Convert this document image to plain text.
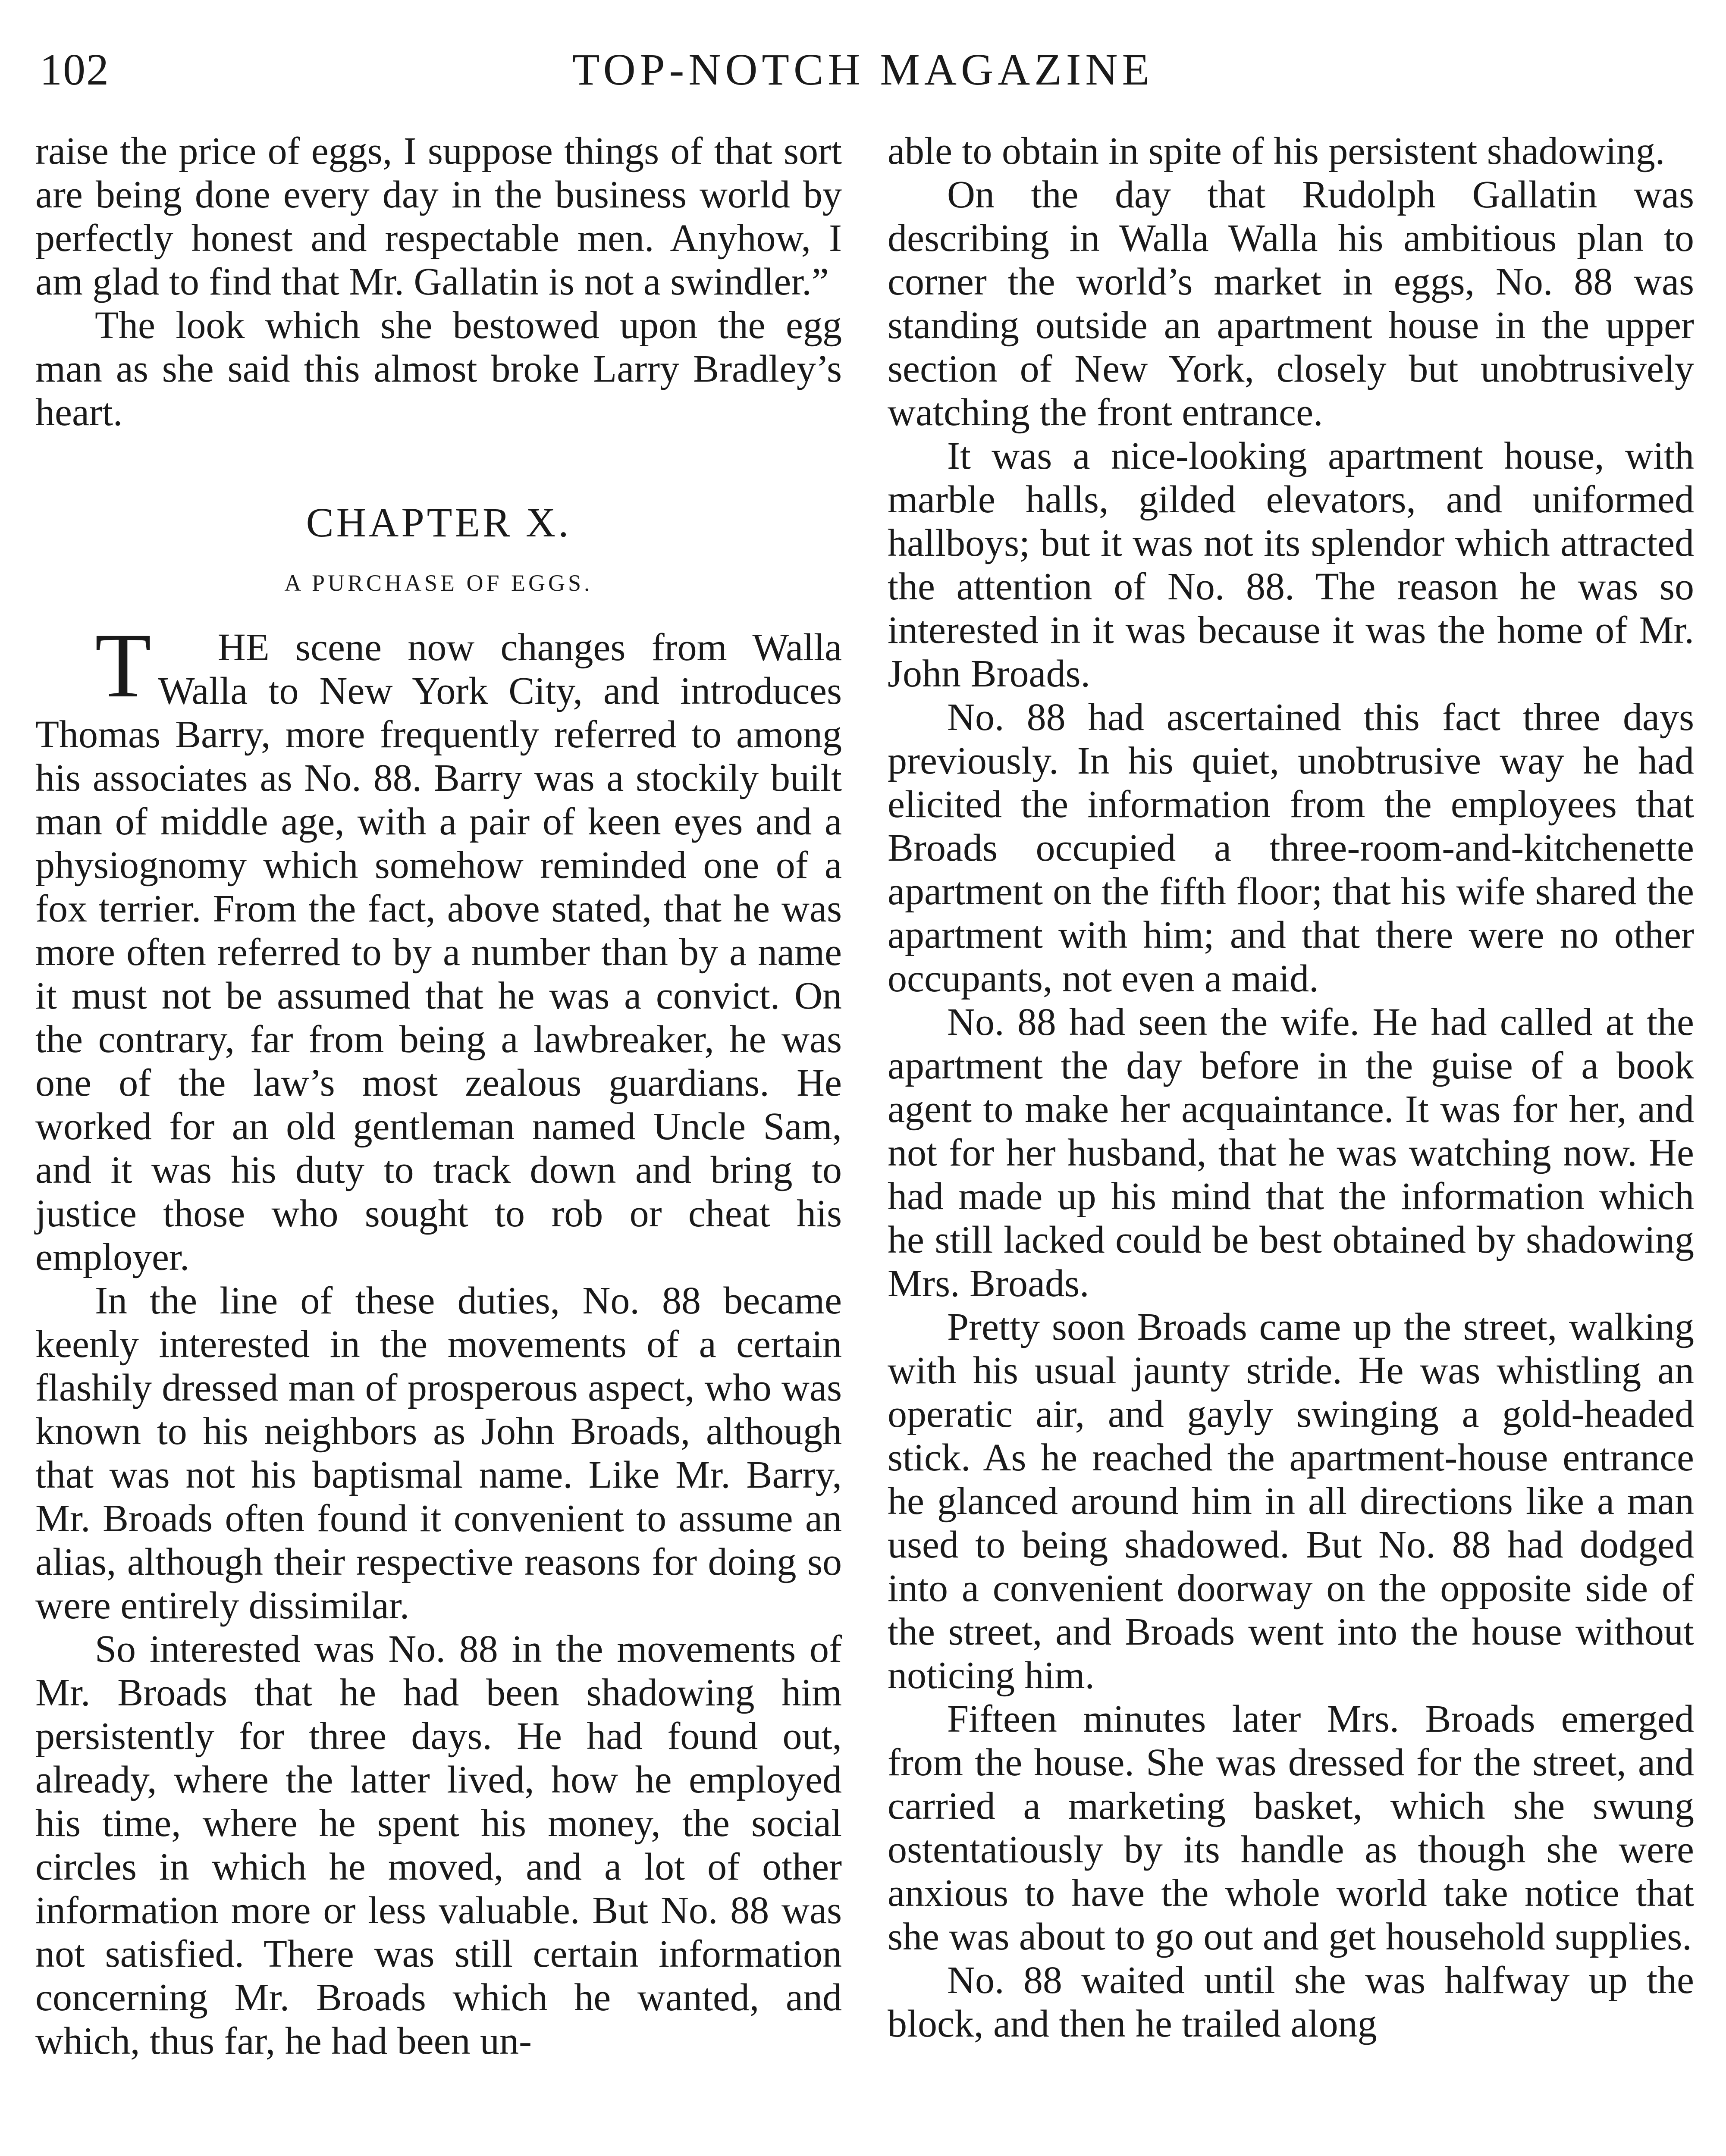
102	TOP-NOTCH MAGAZINE

raise the price of eggs, I suppose things of that sort are being done every day in the business world by perfectly honest and respectable men. Anyhow, I am glad to find that Mr. Gallatin is not a swindler.”

The look which she bestowed upon the egg man as she said this almost broke Larry Bradley’s heart.

CHAPTER X.
A PURCHASE OF EGGS.

T HE scene now changes from Walla Walla to New York City, and introduces Thomas Barry, more frequently referred to among his associates as No. 88. Barry was a stockily built man of middle age, with a pair of keen eyes and a physiognomy which somehow reminded one of a fox terrier. From the fact, above stated, that he was more often referred to by a number than by a name it must not be assumed that he was a convict. On the contrary, far from being a lawbreaker, he was one of the law’s most zealous guardians. He worked for an old gentleman named Uncle Sam, and it was his duty to track down and bring to justice those who sought to rob or cheat his employer.

In the line of these duties, No. 88 became keenly interested in the movements of a certain flashily dressed man of prosperous aspect, who was known to his neighbors as John Broads, although that was not his baptismal name. Like Mr. Barry, Mr. Broads often found it convenient to assume an alias, although their respective reasons for doing so were entirely dissimilar.

So interested was No. 88 in the movements of Mr. Broads that he had been shadowing him persistently for three days. He had found out, already, where the latter lived, how he employed his time, where he spent his money, the social circles in which he moved, and a lot of other information more or less valuable. But No. 88 was not satisfied. There was still certain information concerning Mr. Broads which he wanted, and which, thus far, he had been un-

able to obtain in spite of his persistent shadowing.

On the day that Rudolph Gallatin was describing in Walla Walla his ambitious plan to corner the world’s market in eggs, No. 88 was standing outside an apartment house in the upper section of New York, closely but unobtrusively watching the front entrance.

It was a nice-looking apartment house, with marble halls, gilded elevators, and uniformed hallboys; but it was not its splendor which attracted the attention of No. 88. The reason he was so interested in it was because it was the home of Mr. John Broads.

No. 88 had ascertained this fact three days previously. In his quiet, unobtrusive way he had elicited the information from the employees that Broads occupied a three-room-and-kitchenette apartment on the fifth floor; that his wife shared the apartment with him; and that there were no other occupants, not even a maid.

No. 88 had seen the wife. He had called at the apartment the day before in the guise of a book agent to make her acquaintance. It was for her, and not for her husband, that he was watching now. He had made up his mind that the information which he still lacked could be best obtained by shadowing Mrs. Broads.

Pretty soon Broads came up the street, walking with his usual jaunty stride. He was whistling an operatic air, and gayly swinging a gold-headed stick. As he reached the apartment-house entrance he glanced around him in all directions like a man used to being shadowed. But No. 88 had dodged into a convenient doorway on the opposite side of the street, and Broads went into the house without noticing him.

Fifteen minutes later Mrs. Broads emerged from the house. She was dressed for the street, and carried a marketing basket, which she swung ostentatiously by its handle as though she were anxious to have the whole world take notice that she was about to go out and get household supplies.

No. 88 waited until she was halfway up the block, and then he trailed along
